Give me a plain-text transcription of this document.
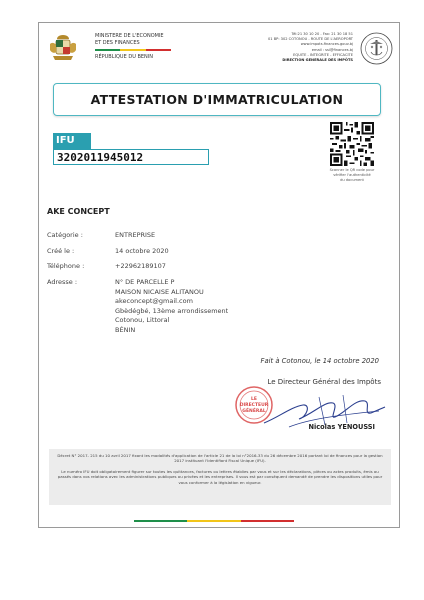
MINISTERE DE L'ECONOMIE
ET DES FINANCES
RÉPUBLIQUE DU BENIN
Tél:21 30 10 20 - Fax: 21 30 18 51
01 BP: 302 COTONOU - ROUTE DE L'AEROPORT
www.impots.finances.gouv.bj
email : ssi@finances.bj
EQUITE - INTEGRITE - EFFICACITE
DIRECTION GENERALE DES IMPÔTS
ATTESTATION D'IMMATRICULATION
IFU
3202011945012
Scanner le QR code pour
vérifier l'authenticité
du document
AKE CONCEPT
Catégorie :	ENTREPRISE
Créé le :	14 octobre 2020
Téléphone :	+22962189107
Adresse :	N° DE PARCELLE P
MAISON NICAISE ALITANOU
akeconcept@gmail.com
Gbèdégbé, 13ème arrondissement
Cotonou, Littoral
BÉNIN
Fait à Cotonou, le 14 octobre 2020
Le Directeur Général des Impôts
LE
DIRECTEUR
GÉNÉRAL
Nicolas YENOUSSI
Décret N° 2017- 215 du 10 avril 2017 fixant les modalités d'application de l'article 21 de la loi n°2016-33 du 26 décembre 2016 portant loi de finances pour la gestion 2017 instituant l'Identifiant Fiscal Unique (IFU).
Le numéro IFU doit obligatoirement figurer sur toutes les quittances, factures ou lettres établies par vous et sur les déclarations, pièces ou actes produits, émis ou passés dans vos relations avec les administrations publiques ou privées et les entreprises. Il vous est par conséquent demandé de prendre les dispositions utiles pour vous conformer à la législation en vigueur.
